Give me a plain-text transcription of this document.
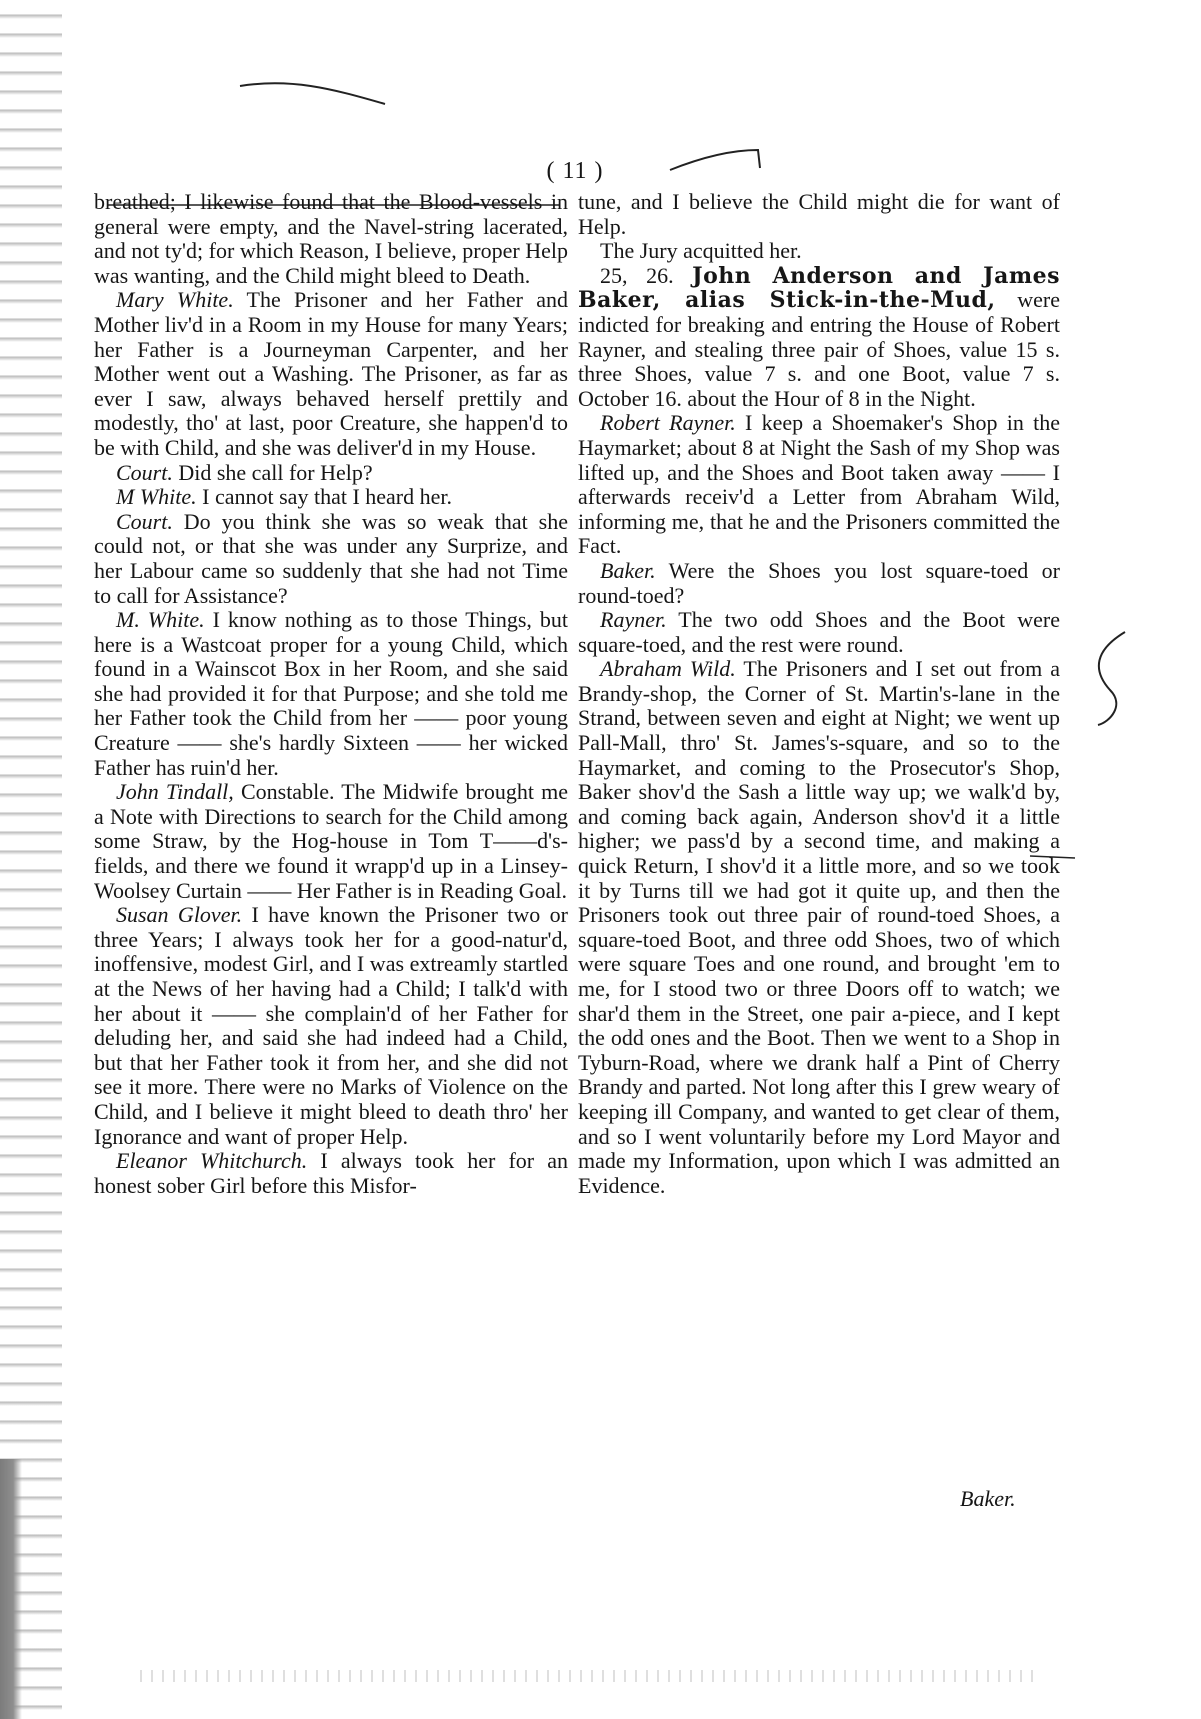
( 11 )

breathed; I likewise found that the Blood-vessels in general were empty, and the Navel-string lacerated, and not ty'd; for which Reason, I believe, proper Help was wanting, and the Child might bleed to Death.

Mary White. The Prisoner and her Father and Mother liv'd in a Room in my House for many Years; her Father is a Journeyman Carpenter, and her Mother went out a Washing. The Prisoner, as far as ever I saw, always behaved herself prettily and modestly, tho' at last, poor Creature, she happen'd to be with Child, and she was deliver'd in my House.

Court. Did she call for Help?

M White. I cannot say that I heard her.

Court. Do you think she was so weak that she could not, or that she was under any Surprize, and her Labour came so suddenly that she had not Time to call for Assistance?

M. White. I know nothing as to those Things, but here is a Wastcoat proper for a young Child, which found in a Wainscot Box in her Room, and she said she had provided it for that Purpose; and she told me her Father took the Child from her —— poor young Creature —— she's hardly Sixteen —— her wicked Father has ruin'd her.

John Tindall, Constable. The Midwife brought me a Note with Directions to search for the Child among some Straw, by the Hog-house in Tom T——d's-fields, and there we found it wrapp'd up in a Linsey-Woolsey Curtain —— Her Father is in Reading Goal.

Susan Glover. I have known the Prisoner two or three Years; I always took her for a good-natur'd, inoffensive, modest Girl, and I was extreamly startled at the News of her having had a Child; I talk'd with her about it —— she complain'd of her Father for deluding her, and said she had indeed had a Child, but that her Father took it from her, and she did not see it more. There were no Marks of Violence on the Child, and I believe it might bleed to death thro' her Ignorance and want of proper Help.

Eleanor Whitchurch. I always took her for an honest sober Girl before this Misfor-

tune, and I believe the Child might die for want of Help.

The Jury acquitted her.

25, 26. John Anderson and James Baker, alias Stick-in-the-Mud, were indicted for breaking and entring the House of Robert Rayner, and stealing three pair of Shoes, value 15 s. three Shoes, value 7 s. and one Boot, value 7 s. October 16. about the Hour of 8 in the Night.

Robert Rayner. I keep a Shoemaker's Shop in the Haymarket; about 8 at Night the Sash of my Shop was lifted up, and the Shoes and Boot taken away —— I afterwards receiv'd a Letter from Abraham Wild, informing me, that he and the Prisoners committed the Fact.

Baker. Were the Shoes you lost square-toed or round-toed?

Rayner. The two odd Shoes and the Boot were square-toed, and the rest were round.

Abraham Wild. The Prisoners and I set out from a Brandy-shop, the Corner of St. Martin's-lane in the Strand, between seven and eight at Night; we went up Pall-Mall, thro' St. James's-square, and so to the Haymarket, and coming to the Prosecutor's Shop, Baker shov'd the Sash a little way up; we walk'd by, and coming back again, Anderson shov'd it a little higher; we pass'd by a second time, and making a quick Return, I shov'd it a little more, and so we took it by Turns till we had got it quite up, and then the Prisoners took out three pair of round-toed Shoes, a square-toed Boot, and three odd Shoes, two of which were square Toes and one round, and brought 'em to me, for I stood two or three Doors off to watch; we shar'd them in the Street, one pair a-piece, and I kept the odd ones and the Boot. Then we went to a Shop in Tyburn-Road, where we drank half a Pint of Cherry Brandy and parted. Not long after this I grew weary of keeping ill Company, and wanted to get clear of them, and so I went voluntarily before my Lord Mayor and made my Information, upon which I was admitted an Evidence.

Baker.
